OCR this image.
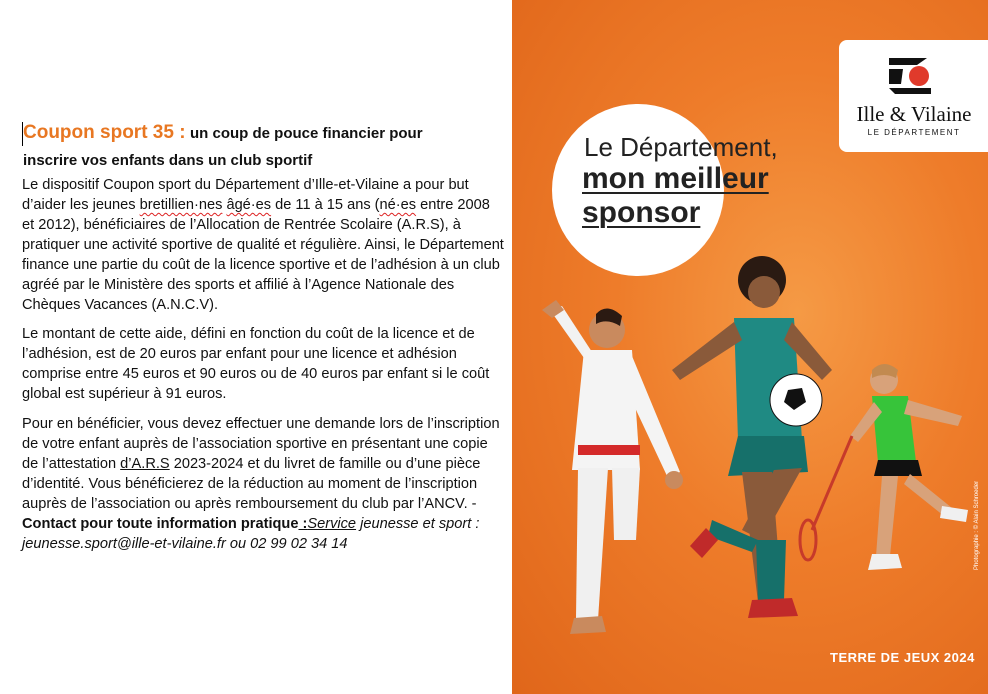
Coupon sport 35 : un coup de pouce financier pour
inscrire vos enfants dans un club sportif
Le dispositif Coupon sport du Département d’Ille-et-Vilaine a pour but d’aider les jeunes bretillien·nes âgé·es de 11 à 15 ans (né·es entre 2008 et 2012), bénéficiaires de l’Allocation de Rentrée Scolaire (A.R.S), à pratiquer une activité sportive de qualité et régulière. Ainsi, le Département finance une partie du coût de la licence sportive et de l’adhésion à un club agréé par le Ministère des sports et affilié à l’Agence Nationale des Chèques Vacances (A.N.C.V).
Le montant de cette aide, défini en fonction du coût de la licence et de l’adhésion, est de 20 euros par enfant pour une licence et adhésion comprise entre 45 euros et 90 euros ou de 40 euros par enfant si le coût global est supérieur à 91 euros.
Pour en bénéficier, vous devez effectuer une demande lors de l’inscription de votre enfant auprès de l’association sportive en présentant une copie de l’attestation d’A.R.S 2023-2024 et du livret de famille ou d’une pièce d’identité. Vous bénéficierez de la réduction au moment de l’inscription auprès de l’association ou après remboursement du club par l’ANCV. -Contact pour toute information pratique :Service jeunesse et sport : jeunesse.sport@ille-et-vilaine.fr ou 02 99 02 34 14
Ille & Vilaine
LE DÉPARTEMENT
Le Département,
mon meilleur
sponsor
TERRE DE JEUX 2024
Photographie : © Alain Schroeder
